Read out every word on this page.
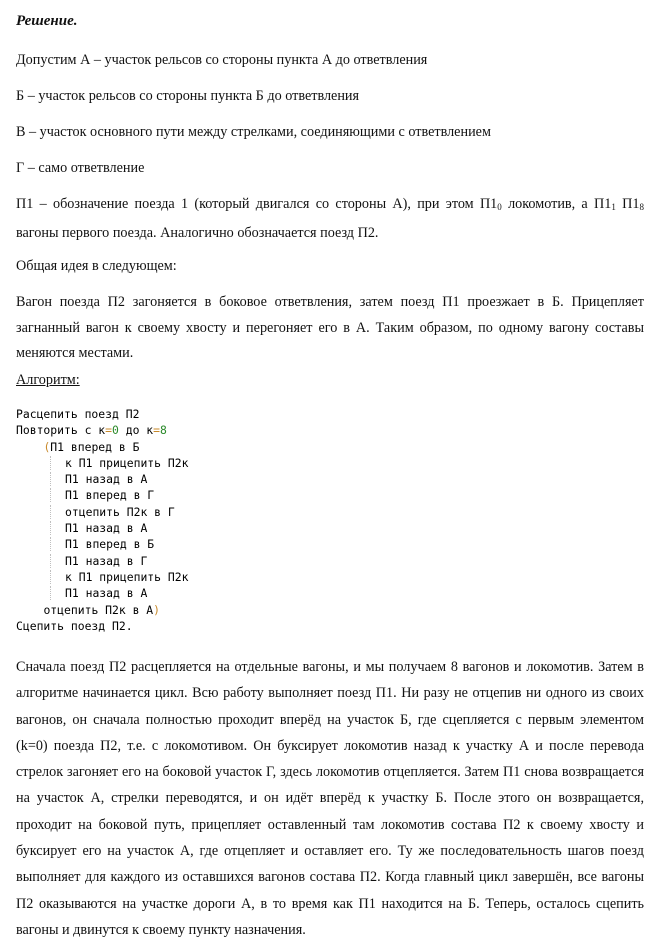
Решение.
Допустим А – участок рельсов со стороны пункта А до ответвления
Б – участок рельсов со стороны пункта Б до ответвления
В – участок основного пути между стрелками, соединяющими с ответвлением
Г – само ответвление
П1 – обозначение поезда 1 (который двигался со стороны А), при этом $П1_0$ локомотив, а $П1_1$ $П1_8$ вагоны первого поезда. Аналогично обозначается поезд П2.
Общая идея в следующем:
Вагон поезда П2 загоняется в боковое ответвления, затем поезд П1 проезжает в Б. Прицепляет загнанный вагон к своему хвосту и перегоняет его в А. Таким образом, по одному вагону составы меняются местами.
Алгоритм:
Расцепить поезд П2
Повторить с к=0 до к=8
(П1 вперед в Б
к П1 прицепить П2к
П1 назад в А
П1 вперед в Г
отцепить П2к в Г
П1 назад в А
П1 вперед в Б
П1 назад в Г
к П1 прицепить П2к
П1 назад в А
отцепить П2к в А)
Сцепить поезд П2.
Сначала поезд П2 расцепляется на отдельные вагоны, и мы получаем 8 вагонов и локомотив. Затем в алгоритме начинается цикл. Всю работу выполняет поезд П1. Ни разу не отцепив ни одного из своих вагонов, он сначала полностью проходит вперёд на участок Б, где сцепляется с первым элементом (k=0) поезда П2, т.е. с локомотивом. Он буксирует локомотив назад к участку А и после перевода стрелок загоняет его на боковой участок Г, здесь локомотив отцепляется. Затем П1 снова возвращается на участок А, стрелки переводятся, и он идёт вперёд к участку Б. После этого он возвращается, проходит на боковой путь, прицепляет оставленный там локомотив состава П2 к своему хвосту и буксирует его на участок А, где отцепляет и оставляет его. Ту же последовательность шагов поезд выполняет для каждого из оставшихся вагонов состава П2. Когда главный цикл завершён, все вагоны П2 оказываются на участке дороги А, в то время как П1 находится на Б. Теперь, осталось сцепить вагоны и двинутся к своему пункту назначения.
